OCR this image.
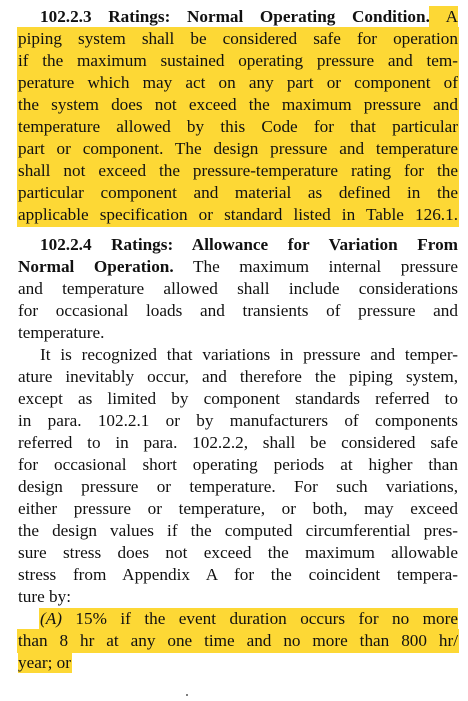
102.2.3 Ratings: Normal Operating Condition. A
piping system shall be considered safe for operation
if the maximum sustained operating pressure and tem-
perature which may act on any part or component of
the system does not exceed the maximum pressure and
temperature allowed by this Code for that particular
part or component. The design pressure and temperature
shall not exceed the pressure-temperature rating for the
particular component and material as defined in the
applicable specification or standard listed in Table 126.1.
102.2.4 Ratings: Allowance for Variation From
Normal Operation. The maximum internal pressure
and temperature allowed shall include considerations
for occasional loads and transients of pressure and
temperature.
It is recognized that variations in pressure and temper-
ature inevitably occur, and therefore the piping system,
except as limited by component standards referred to
in para. 102.2.1 or by manufacturers of components
referred to in para. 102.2.2, shall be considered safe
for occasional short operating periods at higher than
design pressure or temperature. For such variations,
either pressure or temperature, or both, may exceed
the design values if the computed circumferential pres-
sure stress does not exceed the maximum allowable
stress from Appendix A for the coincident tempera-
ture by:
(A) 15% if the event duration occurs for no more
than 8 hr at any one time and no more than 800 hr/
year; or
